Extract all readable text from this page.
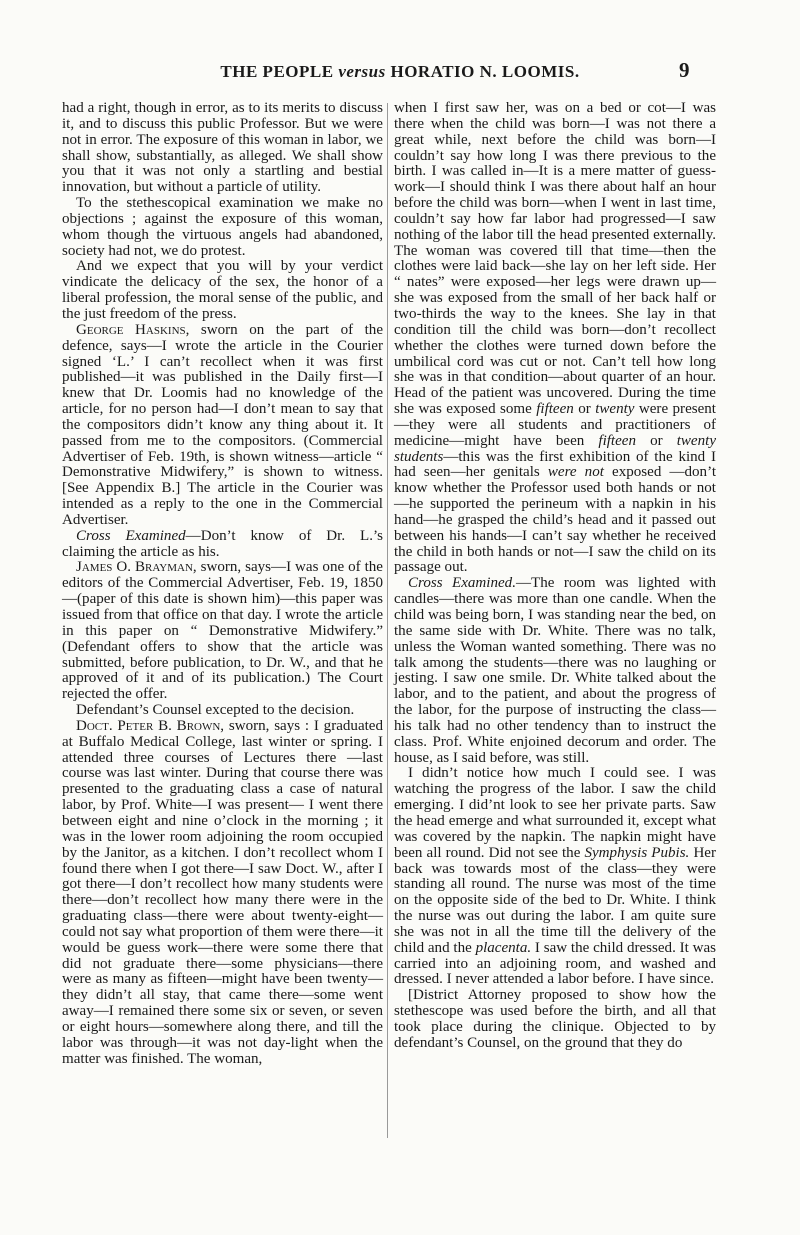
THE PEOPLE versus HORATIO N. LOOMIS.	9

had a right, though in error, as to its merits to discuss it, and to discuss this public Professor. But we were not in error. The exposure of this woman in labor, we shall show, substantially, as alleged. We shall show you that it was not only a startling and bestial innovation, but without a particle of utility.

To the stethescopical examination we make no objections ; against the exposure of this woman, whom though the virtuous angels had abandoned, society had not, we do protest.

And we expect that you will by your verdict vindicate the delicacy of the sex, the honor of a liberal profession, the moral sense of the public, and the just freedom of the press.

George Haskins, sworn on the part of the defence, says—I wrote the article in the Courier signed ‘L.’ I can’t recollect when it was first published—it was published in the Daily first—I knew that Dr. Loomis had no knowledge of the article, for no person had—I don’t mean to say that the compositors didn’t know any thing about it. It passed from me to the compositors. (Commercial Advertiser of Feb. 19th, is shown witness—article “ Demonstrative Midwifery,” is shown to witness. [See Appendix B.] The article in the Courier was intended as a reply to the one in the Commercial Advertiser.

Cross Examined—Don’t know of Dr. L.’s claiming the article as his.

James O. Brayman, sworn, says—I was one of the editors of the Commercial Advertiser, Feb. 19, 1850—(paper of this date is shown him)—this paper was issued from that office on that day. I wrote the article in this paper on “ Demonstrative Midwifery.” (Defendant offers to show that the article was submitted, before publication, to Dr. W., and that he approved of it and of its publication.) The Court rejected the offer.

Defendant’s Counsel excepted to the decision.

Doct. Peter B. Brown, sworn, says : I graduated at Buffalo Medical College, last winter or spring. I attended three courses of Lectures there —last course was last winter. During that course there was presented to the graduating class a case of natural labor, by Prof. White—I was present— I went there between eight and nine o’clock in the morning ; it was in the lower room adjoining the room occupied by the Janitor, as a kitchen. I don’t recollect whom I found there when I got there—I saw Doct. W., after I got there—I don’t recollect how many students were there—don’t recollect how many there were in the graduating class—there were about twenty-eight—could not say what proportion of them were there—it would be guess work—there were some there that did not graduate there—some physicians—there were as many as fifteen—might have been twenty— they didn’t all stay, that came there—some went away—I remained there some six or seven, or seven or eight hours—somewhere along there, and till the labor was through—it was not day-light when the matter was finished. The woman,

when I first saw her, was on a bed or cot—I was there when the child was born—I was not there a great while, next before the child was born—I couldn’t say how long I was there previous to the birth. I was called in—It is a mere matter of guess-work—I should think I was there about half an hour before the child was born—when I went in last time, couldn’t say how far labor had progressed—I saw nothing of the labor till the head presented externally. The woman was covered till that time—then the clothes were laid back—she lay on her left side. Her “ nates” were exposed—her legs were drawn up—she was exposed from the small of her back half or two-thirds the way to the knees. She lay in that condition till the child was born—don’t recollect whether the clothes were turned down before the umbilical cord was cut or not. Can’t tell how long she was in that condition—about quarter of an hour. Head of the patient was uncovered. During the time she was exposed some fifteen or twenty were present—they were all students and practitioners of medicine—might have been fifteen or twenty students—this was the first exhibition of the kind I had seen—her genitals were not exposed —don’t know whether the Professor used both hands or not—he supported the perineum with a napkin in his hand—he grasped the child’s head and it passed out between his hands—I can’t say whether he received the child in both hands or not—I saw the child on its passage out.

Cross Examined.—The room was lighted with candles—there was more than one candle. When the child was being born, I was standing near the bed, on the same side with Dr. White. There was no talk, unless the Woman wanted something. There was no talk among the students—there was no laughing or jesting. I saw one smile. Dr. White talked about the labor, and to the patient, and about the progress of the labor, for the purpose of instructing the class—his talk had no other tendency than to instruct the class. Prof. White enjoined decorum and order. The house, as I said before, was still.

I didn’t notice how much I could see. I was watching the progress of the labor. I saw the child emerging. I did’nt look to see her private parts. Saw the head emerge and what surrounded it, except what was covered by the napkin. The napkin might have been all round. Did not see the Symphysis Pubis. Her back was towards most of the class—they were standing all round. The nurse was most of the time on the opposite side of the bed to Dr. White. I think the nurse was out during the labor. I am quite sure she was not in all the time till the delivery of the child and the placenta. I saw the child dressed. It was carried into an adjoining room, and washed and dressed. I never attended a labor before. I have since.

[District Attorney proposed to show how the stethescope was used before the birth, and all that took place during the clinique. Objected to by defendant’s Counsel, on the ground that they do
